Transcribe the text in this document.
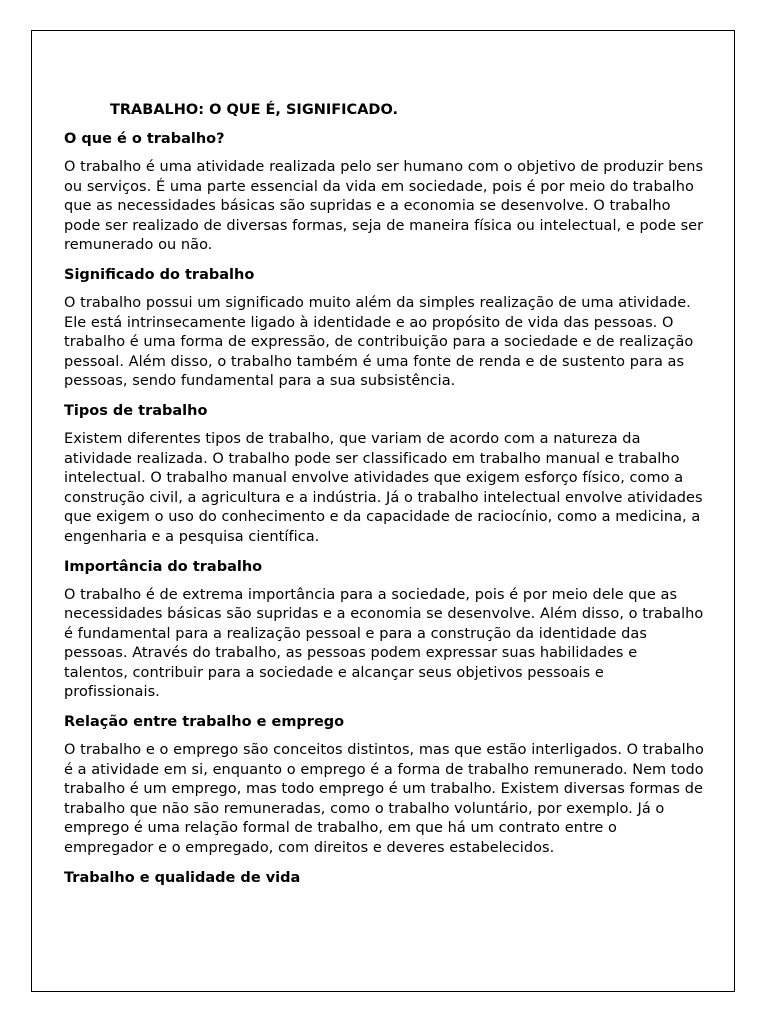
TRABALHO: O QUE É, SIGNIFICADO.
O que é o trabalho?

O trabalho é uma atividade realizada pelo ser humano com o objetivo de produzir bens ou serviços. É uma parte essencial da vida em sociedade, pois é por meio do trabalho que as necessidades básicas são supridas e a economia se desenvolve. O trabalho pode ser realizado de diversas formas, seja de maneira física ou intelectual, e pode ser remunerado ou não.

Significado do trabalho

O trabalho possui um significado muito além da simples realização de uma atividade. Ele está intrinsecamente ligado à identidade e ao propósito de vida das pessoas. O trabalho é uma forma de expressão, de contribuição para a sociedade e de realização pessoal. Além disso, o trabalho também é uma fonte de renda e de sustento para as pessoas, sendo fundamental para a sua subsistência.

Tipos de trabalho

Existem diferentes tipos de trabalho, que variam de acordo com a natureza da atividade realizada. O trabalho pode ser classificado em trabalho manual e trabalho intelectual. O trabalho manual envolve atividades que exigem esforço físico, como a construção civil, a agricultura e a indústria. Já o trabalho intelectual envolve atividades que exigem o uso do conhecimento e da capacidade de raciocínio, como a medicina, a engenharia e a pesquisa científica.

Importância do trabalho

O trabalho é de extrema importância para a sociedade, pois é por meio dele que as necessidades básicas são supridas e a economia se desenvolve. Além disso, o trabalho é fundamental para a realização pessoal e para a construção da identidade das pessoas. Através do trabalho, as pessoas podem expressar suas habilidades e talentos, contribuir para a sociedade e alcançar seus objetivos pessoais e profissionais.

Relação entre trabalho e emprego

O trabalho e o emprego são conceitos distintos, mas que estão interligados. O trabalho é a atividade em si, enquanto o emprego é a forma de trabalho remunerado. Nem todo trabalho é um emprego, mas todo emprego é um trabalho. Existem diversas formas de trabalho que não são remuneradas, como o trabalho voluntário, por exemplo. Já o emprego é uma relação formal de trabalho, em que há um contrato entre o empregador e o empregado, com direitos e deveres estabelecidos.

Trabalho e qualidade de vida
